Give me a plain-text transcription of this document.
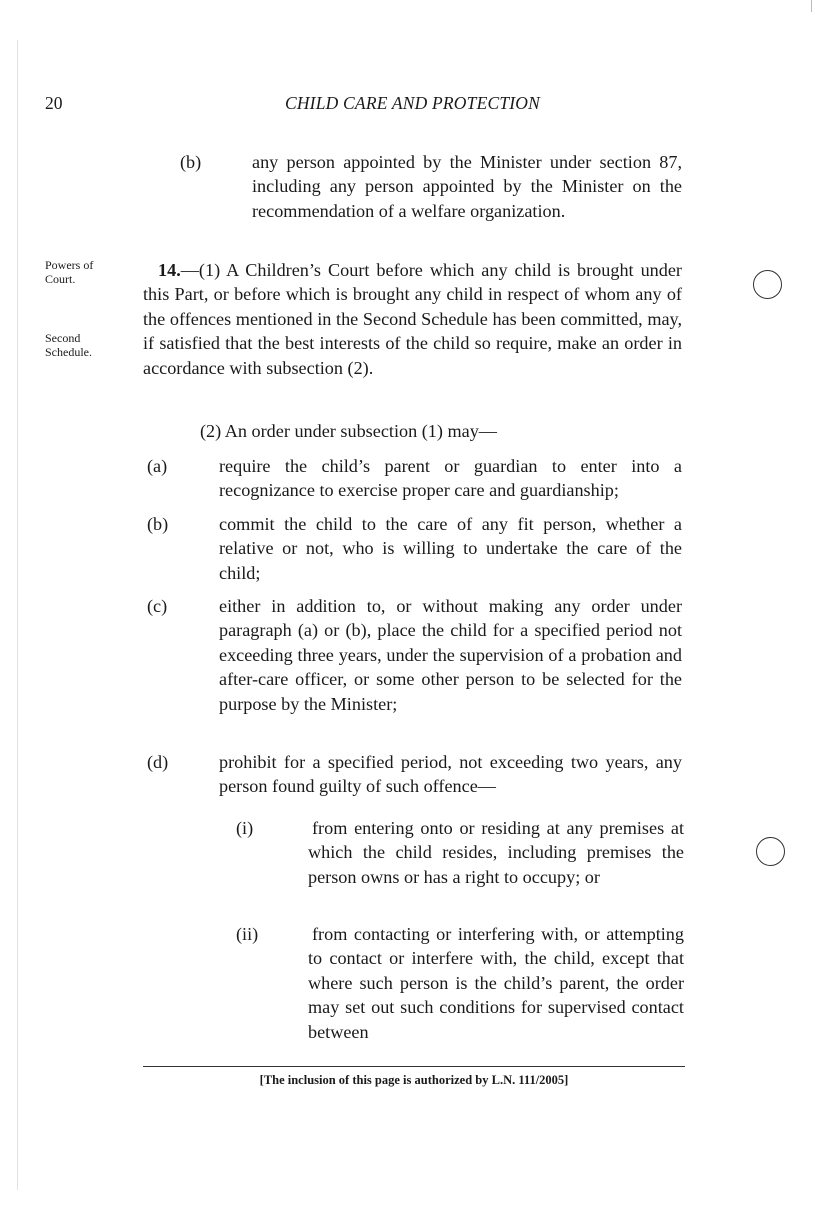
20	CHILD CARE AND PROTECTION
Powers of Court.
Second Schedule.

(b)	any person appointed by the Minister under section 87, including any person appointed by the Minister on the recommendation of a welfare organization.

14.—(1) A Children’s Court before which any child is brought under this Part, or before which is brought any child in respect of whom any of the offences mentioned in the Second Schedule has been committed, may, if satisfied that the best interests of the child so require, make an order in accordance with subsection (2).

(2) An order under subsection (1) may—

(a)	require the child’s parent or guardian to enter into a recognizance to exercise proper care and guardianship;

(b)	commit the child to the care of any fit person, whether a relative or not, who is willing to undertake the care of the child;

(c)	either in addition to, or without making any order under paragraph (a) or (b), place the child for a specified period not exceeding three years, under the supervision of a probation and after-care officer, or some other person to be selected for the purpose by the Minister;

(d)	prohibit for a specified period, not exceeding two years, any person found guilty of such offence—

(i)	from entering onto or residing at any premises at which the child resides, including premises the person owns or has a right to occupy; or

(ii)	from contacting or interfering with, or attempting to contact or interfere with, the child, except that where such person is the child’s parent, the order may set out such conditions for supervised contact between

[The inclusion of this page is authorized by L.N. 111/2005]
